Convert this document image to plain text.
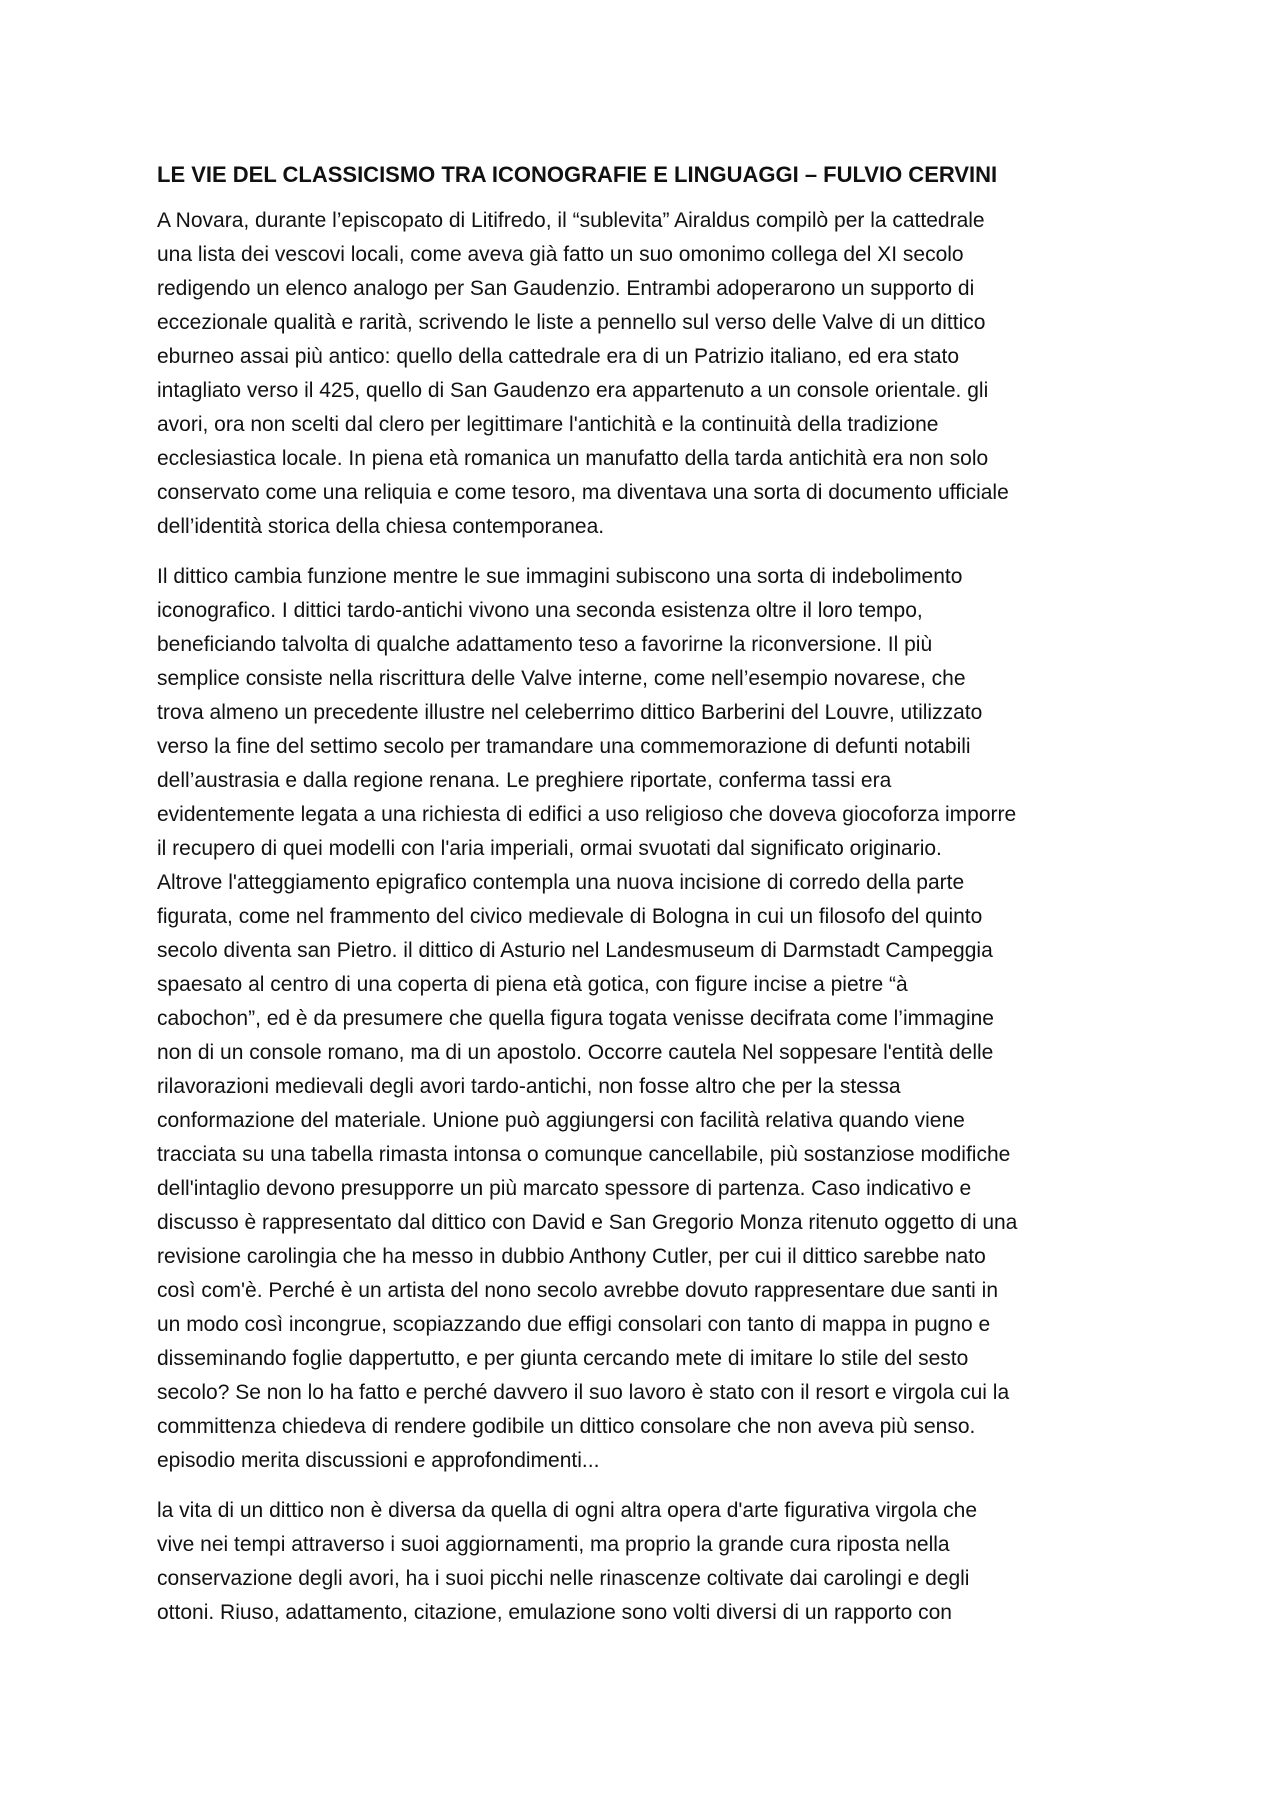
LE VIE DEL CLASSICISMO TRA ICONOGRAFIE E LINGUAGGI – FULVIO CERVINI

A Novara, durante l’episcopato di Litifredo, il “sublevita” Airaldus compilò per la cattedrale
una lista dei vescovi locali, come aveva già fatto un suo omonimo collega del XI secolo
redigendo un elenco analogo per San Gaudenzio. Entrambi adoperarono un supporto di
eccezionale qualità e rarità, scrivendo le liste a pennello sul verso delle Valve di un dittico
eburneo assai più antico: quello della cattedrale era di un Patrizio italiano, ed era stato
intagliato verso il 425, quello di San Gaudenzo era appartenuto a un console orientale. gli
avori, ora non scelti dal clero per legittimare l'antichità e la continuità della tradizione
ecclesiastica locale. In piena età romanica un manufatto della tarda antichità era non solo
conservato come una reliquia e come tesoro, ma diventava una sorta di documento ufficiale
dell’identità storica della chiesa contemporanea.

Il dittico cambia funzione mentre le sue immagini subiscono una sorta di indebolimento
iconografico. I dittici tardo-antichi vivono una seconda esistenza oltre il loro tempo,
beneficiando talvolta di qualche adattamento teso a favorirne la riconversione. Il più
semplice consiste nella riscrittura delle Valve interne, come nell’esempio novarese, che
trova almeno un precedente illustre nel celeberrimo dittico Barberini del Louvre, utilizzato
verso la fine del settimo secolo per tramandare una commemorazione di defunti notabili
dell’austrasia e dalla regione renana. Le preghiere riportate, conferma tassi era
evidentemente legata a una richiesta di edifici a uso religioso che doveva giocoforza imporre
il recupero di quei modelli con l'aria imperiali, ormai svuotati dal significato originario.
Altrove l'atteggiamento epigrafico contempla una nuova incisione di corredo della parte
figurata, come nel frammento del civico medievale di Bologna in cui un filosofo del quinto
secolo diventa san Pietro. il dittico di Asturio nel Landesmuseum di Darmstadt Campeggia
spaesato al centro di una coperta di piena età gotica, con figure incise a pietre “à
cabochon”, ed è da presumere che quella figura togata venisse decifrata come l’immagine
non di un console romano, ma di un apostolo. Occorre cautela Nel soppesare l'entità delle
rilavorazioni medievali degli avori tardo-antichi, non fosse altro che per la stessa
conformazione del materiale. Unione può aggiungersi con facilità relativa quando viene
tracciata su una tabella rimasta intonsa o comunque cancellabile, più sostanziose modifiche
dell'intaglio devono presupporre un più marcato spessore di partenza. Caso indicativo e
discusso è rappresentato dal dittico con David e San Gregorio Monza ritenuto oggetto di una
revisione carolingia che ha messo in dubbio Anthony Cutler, per cui il dittico sarebbe nato
così com'è. Perché è un artista del nono secolo avrebbe dovuto rappresentare due santi in
un modo così incongrue, scopiazzando due effigi consolari con tanto di mappa in pugno e
disseminando foglie dappertutto, e per giunta cercando mete di imitare lo stile del sesto
secolo? Se non lo ha fatto e perché davvero il suo lavoro è stato con il resort e virgola cui la
committenza chiedeva di rendere godibile un dittico consolare che non aveva più senso.
episodio merita discussioni e approfondimenti...

la vita di un dittico non è diversa da quella di ogni altra opera d'arte figurativa virgola che
vive nei tempi attraverso i suoi aggiornamenti, ma proprio la grande cura riposta nella
conservazione degli avori, ha i suoi picchi nelle rinascenze coltivate dai carolingi e degli
ottoni. Riuso, adattamento, citazione, emulazione sono volti diversi di un rapporto con
